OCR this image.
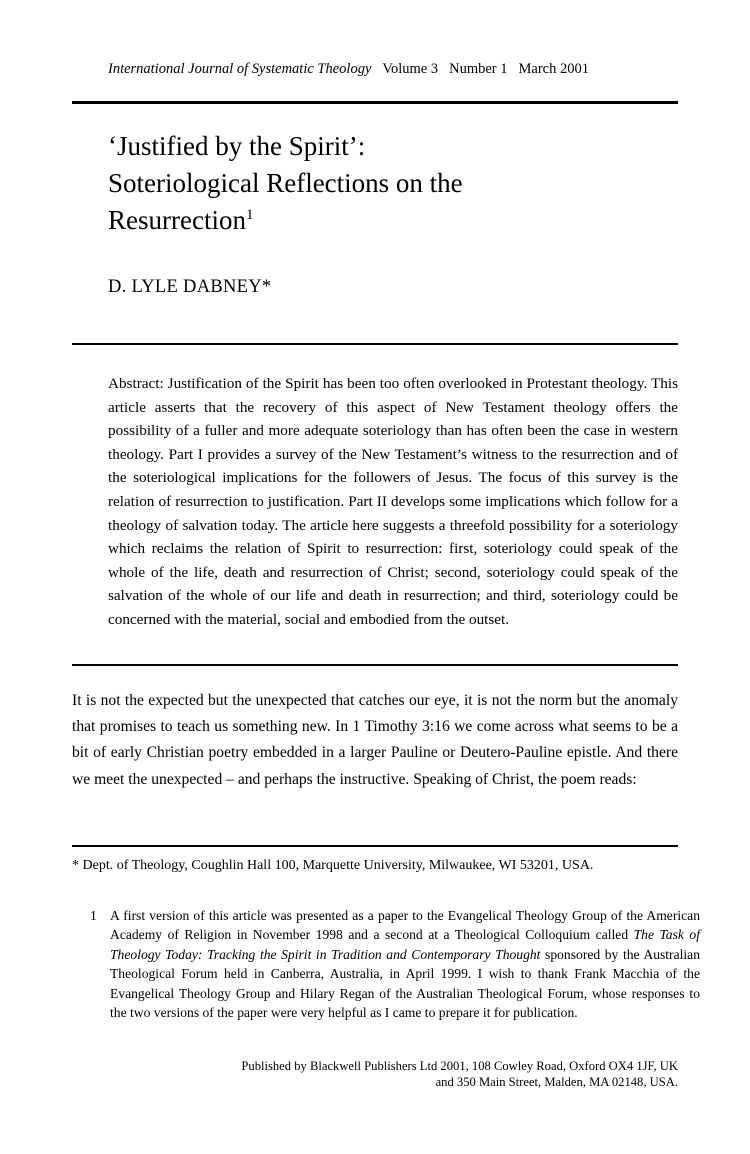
International Journal of Systematic Theology Volume 3 Number 1 March 2001
‘Justified by the Spirit’:
Soteriological Reflections on the
Resurrection$^1$
D. LYLE DABNEY*
Abstract: Justification of the Spirit has been too often overlooked in Protestant theology. This article asserts that the recovery of this aspect of New Testament theology offers the possibility of a fuller and more adequate soteriology than has often been the case in western theology. Part I provides a survey of the New Testament’s witness to the resurrection and of the soteriological implications for the followers of Jesus. The focus of this survey is the relation of resurrection to justification. Part II develops some implications which follow for a theology of salvation today. The article here suggests a threefold possibility for a soteriology which reclaims the relation of Spirit to resurrection: first, soteriology could speak of the whole of the life, death and resurrection of Christ; second, soteriology could speak of the salvation of the whole of our life and death in resurrection; and third, soteriology could be concerned with the material, social and embodied from the outset.
It is not the expected but the unexpected that catches our eye, it is not the norm but the anomaly that promises to teach us something new. In 1 Timothy 3:16 we come across what seems to be a bit of early Christian poetry embedded in a larger Pauline or Deutero-Pauline epistle. And there we meet the unexpected – and perhaps the instructive. Speaking of Christ, the poem reads:
* Dept. of Theology, Coughlin Hall 100, Marquette University, Milwaukee, WI 53201, USA.
1 A first version of this article was presented as a paper to the Evangelical Theology Group of the American Academy of Religion in November 1998 and a second at a Theological Colloquium called The Task of Theology Today: Tracking the Spirit in Tradition and Contemporary Thought sponsored by the Australian Theological Forum held in Canberra, Australia, in April 1999. I wish to thank Frank Macchia of the Evangelical Theology Group and Hilary Regan of the Australian Theological Forum, whose responses to the two versions of the paper were very helpful as I came to prepare it for publication.
Published by Blackwell Publishers Ltd 2001, 108 Cowley Road, Oxford OX4 1JF, UK
and 350 Main Street, Malden, MA 02148, USA.
